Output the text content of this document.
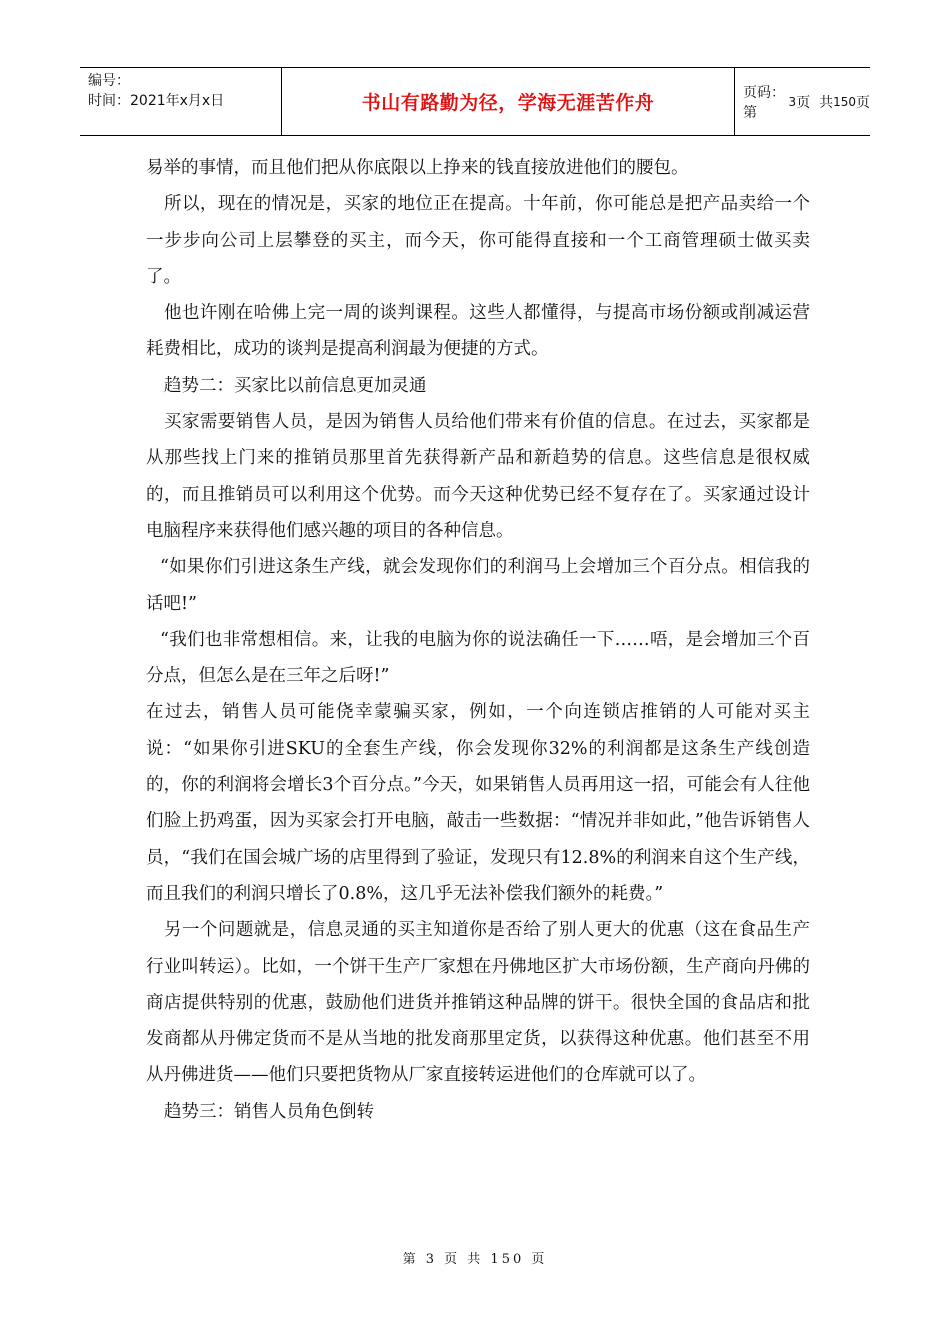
编号：
时间：2021年x月x日	书山有路勤为径，学海无涯苦作舟	页码：第
3 页  共 150 页

易举的事情，而且他们把从你底限以上挣来的钱直接放进他们的腰包。

所以，现在的情况是，买家的地位正在提高。十年前，你可能总是把产品卖给一个一步步向公司上层攀登的买主，而今天，你可能得直接和一个工商管理硕士做买卖了。

他也许刚在哈佛上完一周的谈判课程。这些人都懂得，与提高市场份额或削减运营耗费相比，成功的谈判是提高利润最为便捷的方式。

趋势二：买家比以前信息更加灵通

买家需要销售人员，是因为销售人员给他们带来有价值的信息。在过去，买家都是从那些找上门来的推销员那里首先获得新产品和新趋势的信息。这些信息是很权威的，而且推销员可以利用这个优势。而今天这种优势已经不复存在了。买家通过设计电脑程序来获得他们感兴趣的项目的各种信息。

“如果你们引进这条生产线，就会发现你们的利润马上会增加三个百分点。相信我的话吧!”

“我们也非常想相信。来，让我的电脑为你的说法确任一下……唔，是会增加三个百分点，但怎么是在三年之后呀!”

在过去，销售人员可能侥幸蒙骗买家，例如，一个向连锁店推销的人可能对买主说：“如果你引进SKU的全套生产线，你会发现你32%的利润都是这条生产线创造的，你的利润将会增长3个百分点。”今天，如果销售人员再用这一招，可能会有人往他们脸上扔鸡蛋，因为买家会打开电脑，敲击一些数据：“情况并非如此，”他告诉销售人员，“我们在国会城广场的店里得到了验证，发现只有12.8%的利润来自这个生产线，而且我们的利润只增长了0.8%，这几乎无法补偿我们额外的耗费。”

另一个问题就是，信息灵通的买主知道你是否给了别人更大的优惠（这在食品生产行业叫转运）。比如，一个饼干生产厂家想在丹佛地区扩大市场份额，生产商向丹佛的商店提供特别的优惠，鼓励他们进货并推销这种品牌的饼干。很快全国的食品店和批发商都从丹佛定货而不是从当地的批发商那里定货，以获得这种优惠。他们甚至不用从丹佛进货——他们只要把货物从厂家直接转运进他们的仓库就可以了。

趋势三：销售人员角色倒转

第 3 页 共 150 页
